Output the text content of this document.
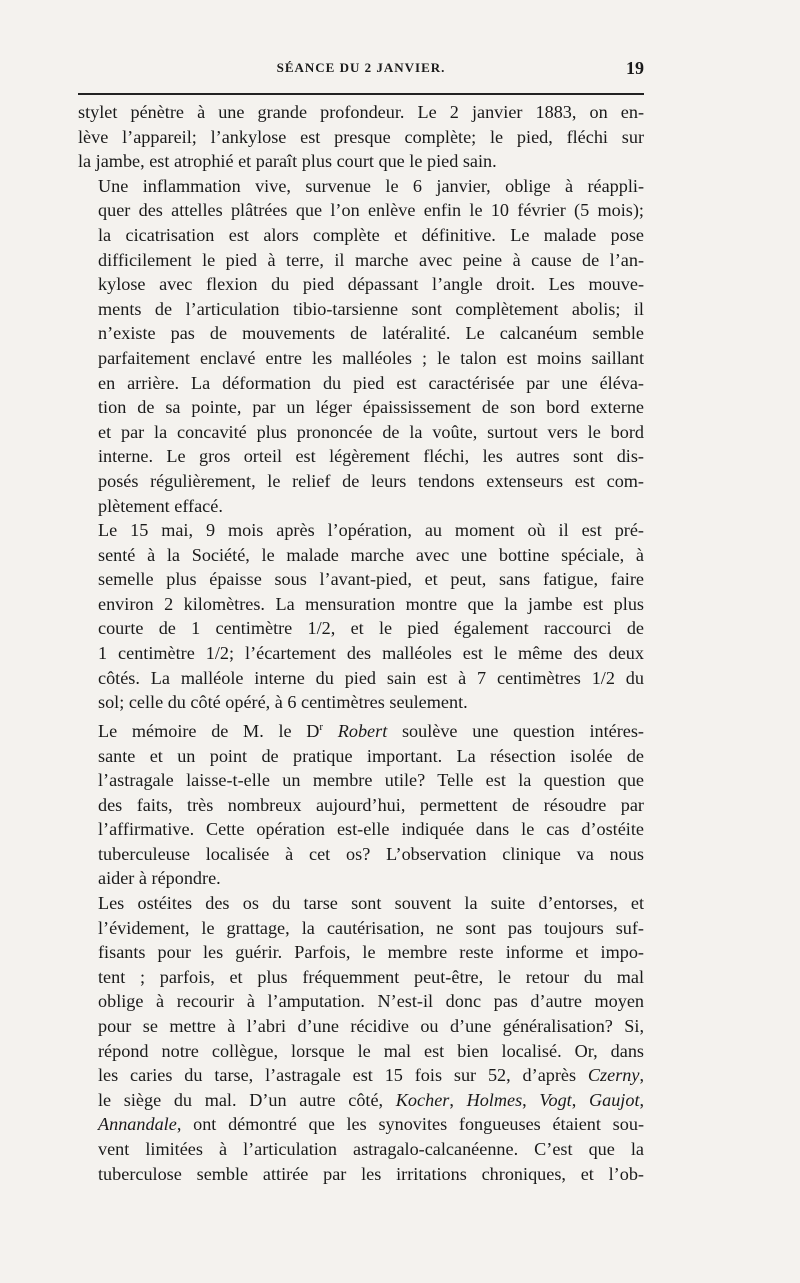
SÉANCE DU 2 JANVIER.	19

stylet pénètre à une grande profondeur. Le 2 janvier 1883, on en-
lève l’appareil; l’ankylose est presque complète; le pied, fléchi sur
la jambe, est atrophié et paraît plus court que le pied sain.

Une inflammation vive, survenue le 6 janvier, oblige à réappli-
quer des attelles plâtrées que l’on enlève enfin le 10 février (5 mois);
la cicatrisation est alors complète et définitive. Le malade pose
difficilement le pied à terre, il marche avec peine à cause de l’an-
kylose avec flexion du pied dépassant l’angle droit. Les mouve-
ments de l’articulation tibio-tarsienne sont complètement abolis; il
n’existe pas de mouvements de latéralité. Le calcanéum semble
parfaitement enclavé entre les malléoles ; le talon est moins saillant
en arrière. La déformation du pied est caractérisée par une éléva-
tion de sa pointe, par un léger épaississement de son bord externe
et par la concavité plus prononcée de la voûte, surtout vers le bord
interne. Le gros orteil est légèrement fléchi, les autres sont dis-
posés régulièrement, le relief de leurs tendons extenseurs est com-
plètement effacé.

Le 15 mai, 9 mois après l’opération, au moment où il est pré-
senté à la Société, le malade marche avec une bottine spéciale, à
semelle plus épaisse sous l’avant-pied, et peut, sans fatigue, faire
environ 2 kilomètres. La mensuration montre que la jambe est plus
courte de 1 centimètre 1/2, et le pied également raccourci de
1 centimètre 1/2; l’écartement des malléoles est le même des deux
côtés. La malléole interne du pied sain est à 7 centimètres 1/2 du
sol; celle du côté opéré, à 6 centimètres seulement.

Le mémoire de M. le $D^r$ Robert soulève une question intéres-
sante et un point de pratique important. La résection isolée de
l’astragale laisse-t-elle un membre utile? Telle est la question que
des faits, très nombreux aujourd’hui, permettent de résoudre par
l’affirmative. Cette opération est-elle indiquée dans le cas d’ostéite
tuberculeuse localisée à cet os? L’observation clinique va nous
aider à répondre.

Les ostéites des os du tarse sont souvent la suite d’entorses, et
l’évidement, le grattage, la cautérisation, ne sont pas toujours suf-
fisants pour les guérir. Parfois, le membre reste informe et impo-
tent ; parfois, et plus fréquemment peut-être, le retour du mal
oblige à recourir à l’amputation. N’est-il donc pas d’autre moyen
pour se mettre à l’abri d’une récidive ou d’une généralisation? Si,
répond notre collègue, lorsque le mal est bien localisé. Or, dans
les caries du tarse, l’astragale est 15 fois sur 52, d’après Czerny,
le siège du mal. D’un autre côté, Kocher, Holmes, Vogt, Gaujot,
Annandale, ont démontré que les synovites fongueuses étaient sou-
vent limitées à l’articulation astragalo-calcanéenne. C’est que la
tuberculose semble attirée par les irritations chroniques, et l’ob-
